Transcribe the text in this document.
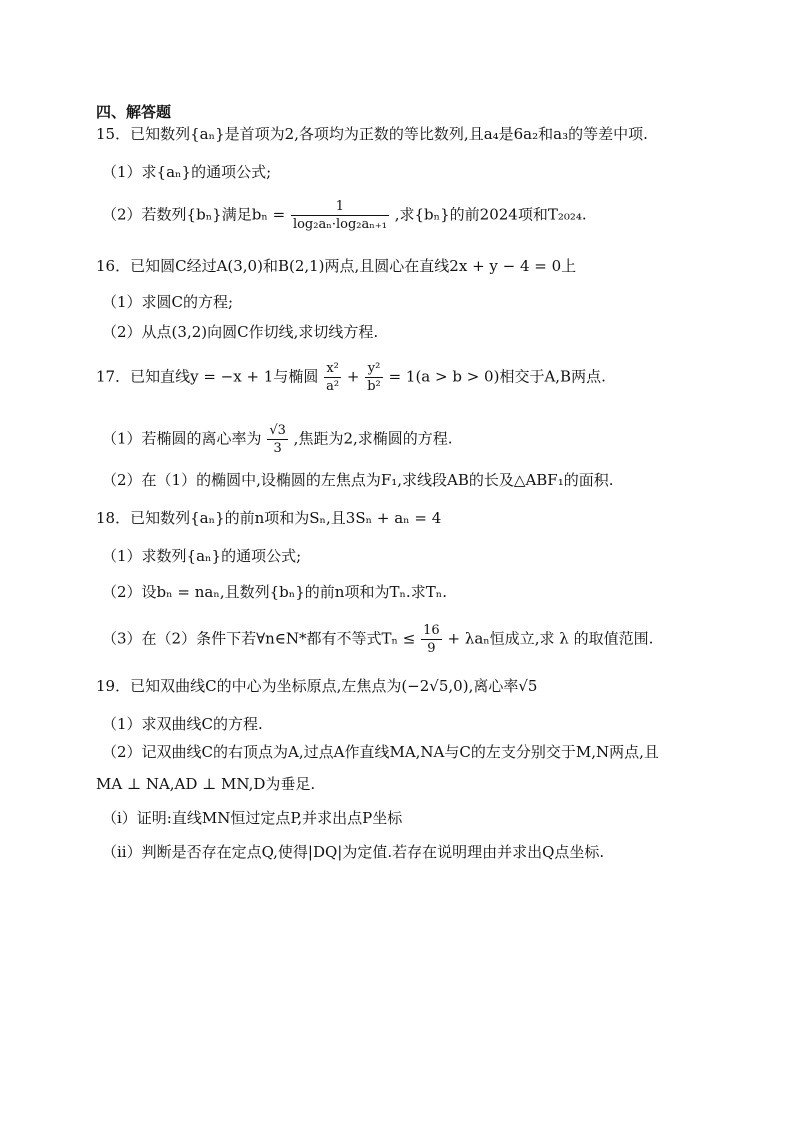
四、解答题
15．已知数列{aₙ}是首项为2,各项均为正数的等比数列,且a₄是6a₂和a₃的等差中项.
（1）求{aₙ}的通项公式;
（2）若数列{bₙ}满足$b_n = \frac{1}{\text{log₂aₙ·log₂aₙ₊₁}}$ ,求{bₙ}的前2024项和T₂₀₂₄.
16．已知圆C经过A(3,0)和B(2,1)两点,且圆心在直线2x + y − 4 = 0上
（1）求圆C的方程;
（2）从点(3,2)向圆C作切线,求切线方程.
17．已知直线y = −x + 1与椭圆 $\frac{\text{x²}}{\text{a²}} + \frac{\text{y²}}{\text{b²}} = 1(a > b > 0)$相交于A,B两点.
（1）若椭圆的离心率为 $\frac{√3}{3}$ ,焦距为2,求椭圆的方程.
（2）在（1）的椭圆中,设椭圆的左焦点为F₁,求线段AB的长及△ABF₁的面积.
18．已知数列{aₙ}的前n项和为Sₙ,且3Sₙ + aₙ = 4
（1）求数列{aₙ}的通项公式;
（2）设bₙ = naₙ,且数列{bₙ}的前n项和为Tₙ.求Tₙ.
（3）在（2）条件下若∀n∈N*都有不等式$T_n \le \frac{16}{9} + \lambda a_n$恒成立,求 λ 的取值范围.
19．已知双曲线C的中心为坐标原点,左焦点为(−2√5,0),离心率√5
（1）求双曲线C的方程.
（2）记双曲线C的右顶点为A,过点A作直线MA,NA与C的左支分别交于M,N两点,且
MA ⊥ NA,AD ⊥ MN,D为垂足.
（i）证明:直线MN恒过定点P,并求出点P坐标
（ii）判断是否存在定点Q,使得|DQ|为定值.若存在说明理由并求出Q点坐标.
